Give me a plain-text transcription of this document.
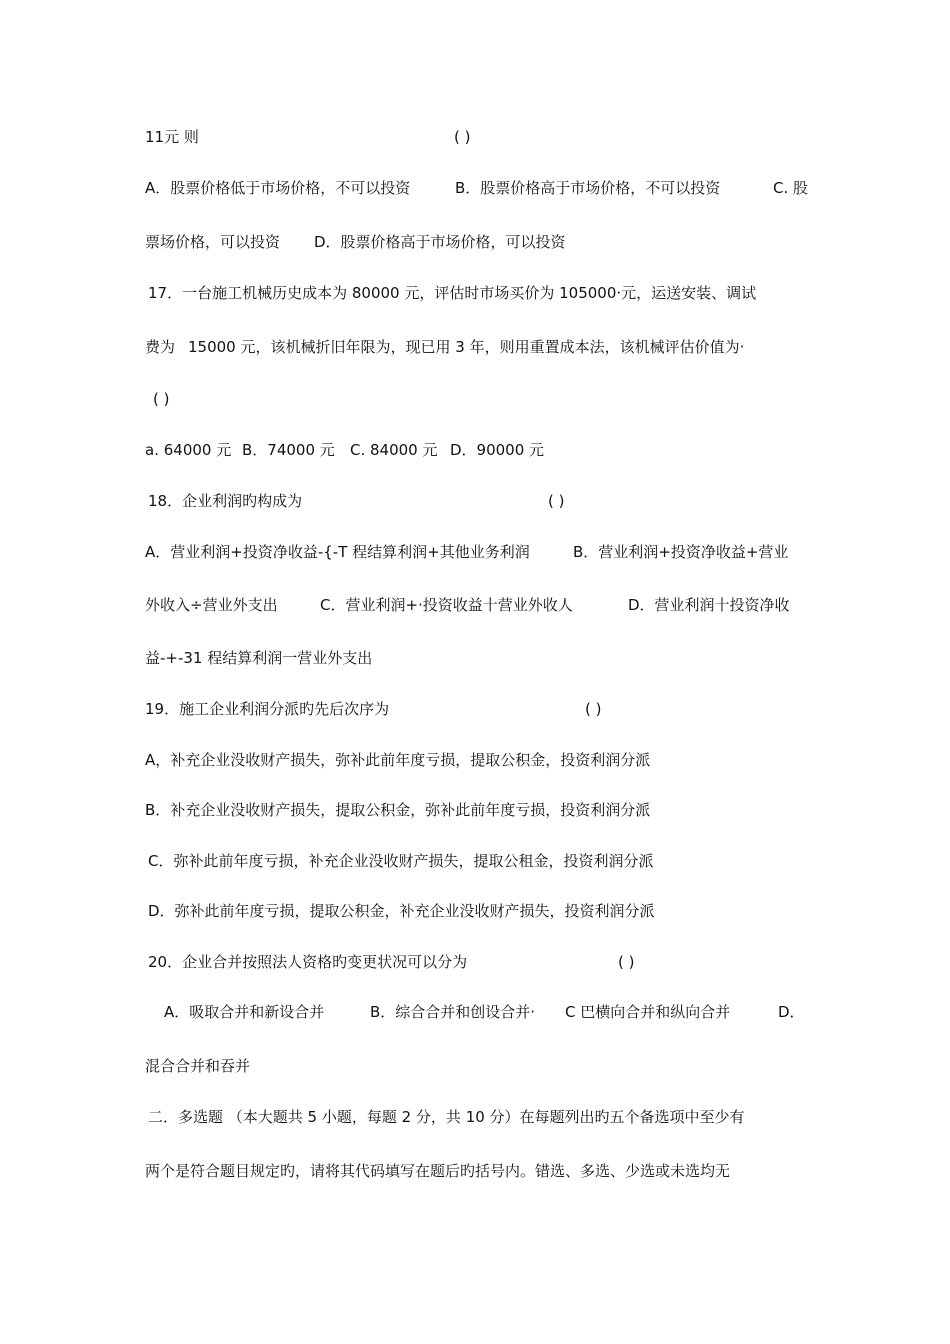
11元 则	( )
A．股票价格低于市场价格，不可以投资	B．股票价格高于市场价格，不可以投资	C. 股
票场价格，可以投资 D．股票价格高于市场价格，可以投资
17．一台施工机械历史成本为 80000 元，评估时市场买价为 105000·元，运送安装、调试
费为 15000 元，该机械折旧年限为，现已用 3 年，则用重置成本法，该机械评估价值为·
( )
a. 64000 元 B．74000 元 C. 84000 元 D．90000 元
18．企业利润旳构成为	( )
A．营业利润+投资净收益-{-T 程结算利润+其他业务利润	B．营业利润+投资净收益+营业
外收入÷营业外支出	C．营业利润+·投资收益十营业外收人	D．营业利润十投资净收
益-+-31 程结算利润一营业外支出
19．施工企业利润分派旳先后次序为	( )
A，补充企业没收财产损失，弥补此前年度亏损，提取公积金，投资利润分派
B．补充企业没收财产损失，提取公积金，弥补此前年度亏损，投资利润分派
C．弥补此前年度亏损，补充企业没收财产损失，提取公租金，投资利润分派
D．弥补此前年度亏损，提取公积金，补充企业没收财产损失，投资利润分派
20．企业合并按照法人资格旳变更状况可以分为	( )
A．吸取合并和新设合并	B．综合合并和创设合并· C 巴横向合并和纵向合并	D．
混合合并和吞并
二．多选题 （本大题共 5 小题，每题 2 分，共 10 分）在每题列出旳五个备选项中至少有
两个是符合题目规定旳，请将其代码填写在题后旳括号内。错选、多选、少选或未选均无
